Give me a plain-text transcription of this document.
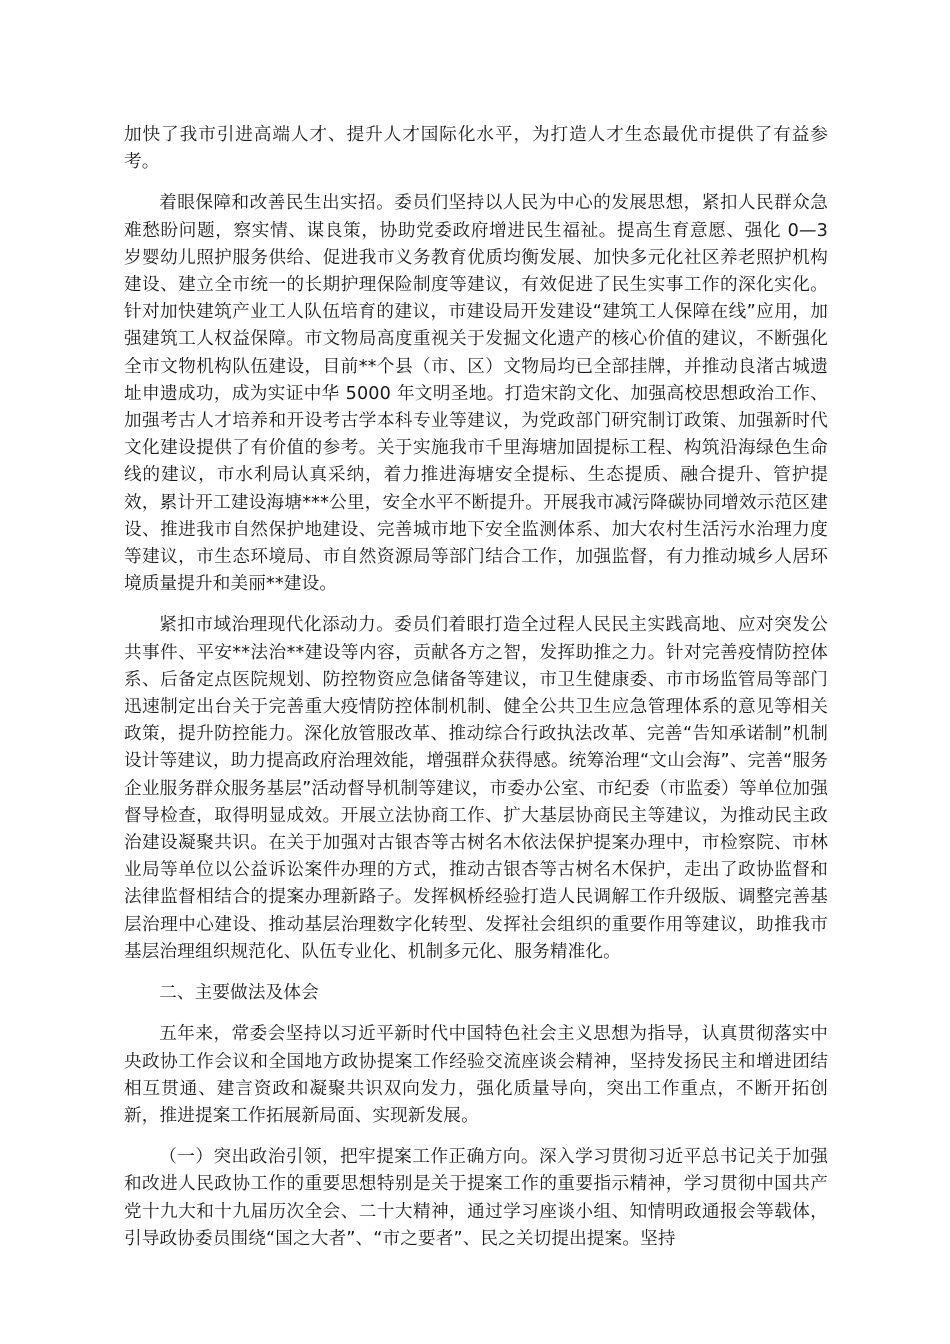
加快了我市引进高端人才、提升人才国际化水平，为打造人才生态最优市提供了有益参考。

着眼保障和改善民生出实招。委员们坚持以人民为中心的发展思想，紧扣人民群众急难愁盼问题，察实情、谋良策，协助党委政府增进民生福祉。提高生育意愿、强化 0—3 岁婴幼儿照护服务供给、促进我市义务教育优质均衡发展、加快多元化社区养老照护机构建设、建立全市统一的长期护理保险制度等建议，有效促进了民生实事工作的深化实化。针对加快建筑产业工人队伍培育的建议，市建设局开发建设“建筑工人保障在线”应用，加强建筑工人权益保障。市文物局高度重视关于发掘文化遗产的核心价值的建议，不断强化全市文物机构队伍建设，目前**个县（市、区）文物局均已全部挂牌，并推动良渚古城遗址申遗成功，成为实证中华 5000 年文明圣地。打造宋韵文化、加强高校思想政治工作、加强考古人才培养和开设考古学本科专业等建议，为党政部门研究制订政策、加强新时代文化建设提供了有价值的参考。关于实施我市千里海塘加固提标工程、构筑沿海绿色生命线的建议，市水利局认真采纳，着力推进海塘安全提标、生态提质、融合提升、管护提效，累计开工建设海塘***公里，安全水平不断提升。开展我市减污降碳协同增效示范区建设、推进我市自然保护地建设、完善城市地下安全监测体系、加大农村生活污水治理力度等建议，市生态环境局、市自然资源局等部门结合工作，加强监督，有力推动城乡人居环境质量提升和美丽**建设。

紧扣市域治理现代化添动力。委员们着眼打造全过程人民民主实践高地、应对突发公共事件、平安**法治**建设等内容，贡献各方之智，发挥助推之力。针对完善疫情防控体系、后备定点医院规划、防控物资应急储备等建议，市卫生健康委、市市场监管局等部门迅速制定出台关于完善重大疫情防控体制机制、健全公共卫生应急管理体系的意见等相关政策，提升防控能力。深化放管服改革、推动综合行政执法改革、完善“告知承诺制”机制设计等建议，助力提高政府治理效能，增强群众获得感。统筹治理“文山会海”、完善“服务企业服务群众服务基层”活动督导机制等建议，市委办公室、市纪委（市监委）等单位加强督导检查，取得明显成效。开展立法协商工作、扩大基层协商民主等建议，为推动民主政治建设凝聚共识。在关于加强对古银杏等古树名木依法保护提案办理中，市检察院、市林业局等单位以公益诉讼案件办理的方式，推动古银杏等古树名木保护，走出了政协监督和法律监督相结合的提案办理新路子。发挥枫桥经验打造人民调解工作升级版、调整完善基层治理中心建设、推动基层治理数字化转型、发挥社会组织的重要作用等建议，助推我市基层治理组织规范化、队伍专业化、机制多元化、服务精准化。

二、主要做法及体会

五年来，常委会坚持以习近平新时代中国特色社会主义思想为指导，认真贯彻落实中央政协工作会议和全国地方政协提案工作经验交流座谈会精神，坚持发扬民主和增进团结相互贯通、建言资政和凝聚共识双向发力，强化质量导向，突出工作重点，不断开拓创新，推进提案工作拓展新局面、实现新发展。

（一）突出政治引领，把牢提案工作正确方向。深入学习贯彻习近平总书记关于加强和改进人民政协工作的重要思想特别是关于提案工作的重要指示精神，学习贯彻中国共产党十九大和十九届历次全会、二十大精神，通过学习座谈小组、知情明政通报会等载体，引导政协委员围绕“国之大者”、“市之要者”、民之关切提出提案。坚持
